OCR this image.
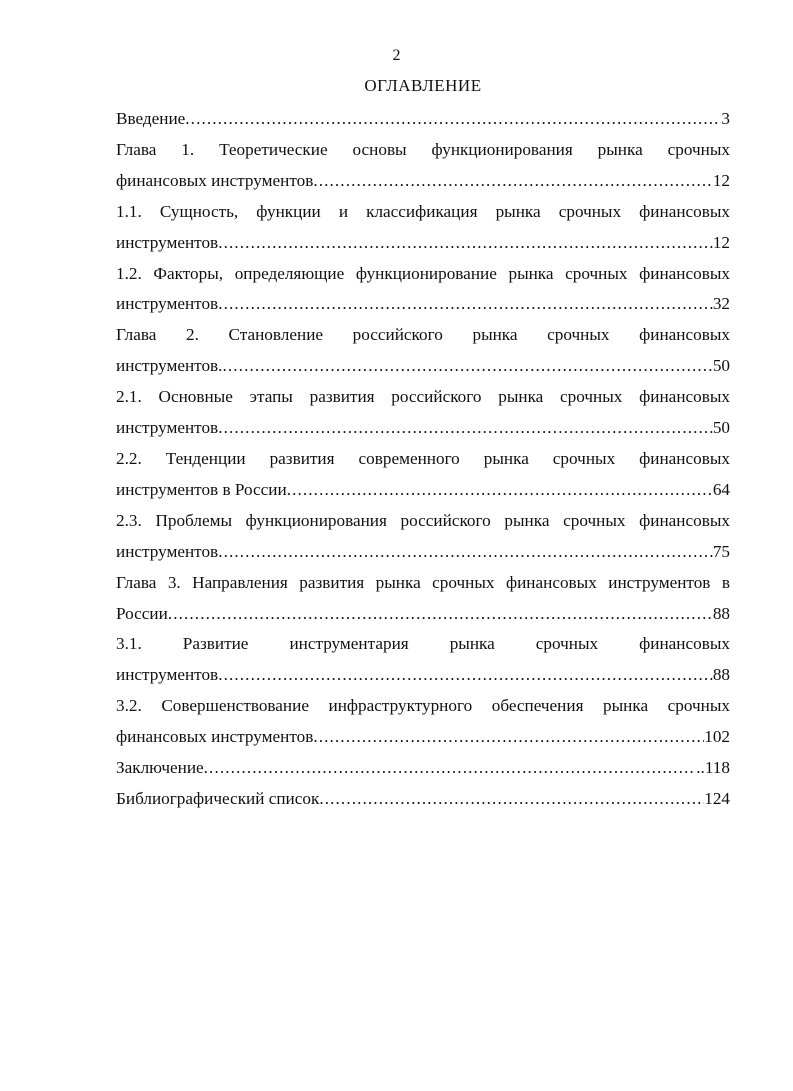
2
ОГЛАВЛЕНИЕ
Введение .....	3
Глава 1. Теоретические основы функционирования рынка срочных
финансовых инструментов .....	12
1.1. Сущность, функции и классификация рынка срочных финансовых
инструментов .....	12
1.2. Факторы, определяющие функционирование рынка срочных финансовых
инструментов .....	32
Глава 2. Становление российского рынка срочных финансовых
инструментов. .....	50
2.1. Основные этапы развития российского рынка срочных финансовых
инструментов .....	50
2.2. Тенденции развития современного рынка срочных финансовых
инструментов в России .....	64
2.3. Проблемы функционирования российского рынка срочных финансовых
инструментов .....	75
Глава 3. Направления развития рынка срочных финансовых инструментов в
России .....	88
3.1. Развитие инструментария рынка срочных финансовых
инструментов .....	88
3.2. Совершенствование инфраструктурного обеспечения рынка срочных
финансовых инструментов .....	102
Заключение .....	..118
Библиографический список .....	124
